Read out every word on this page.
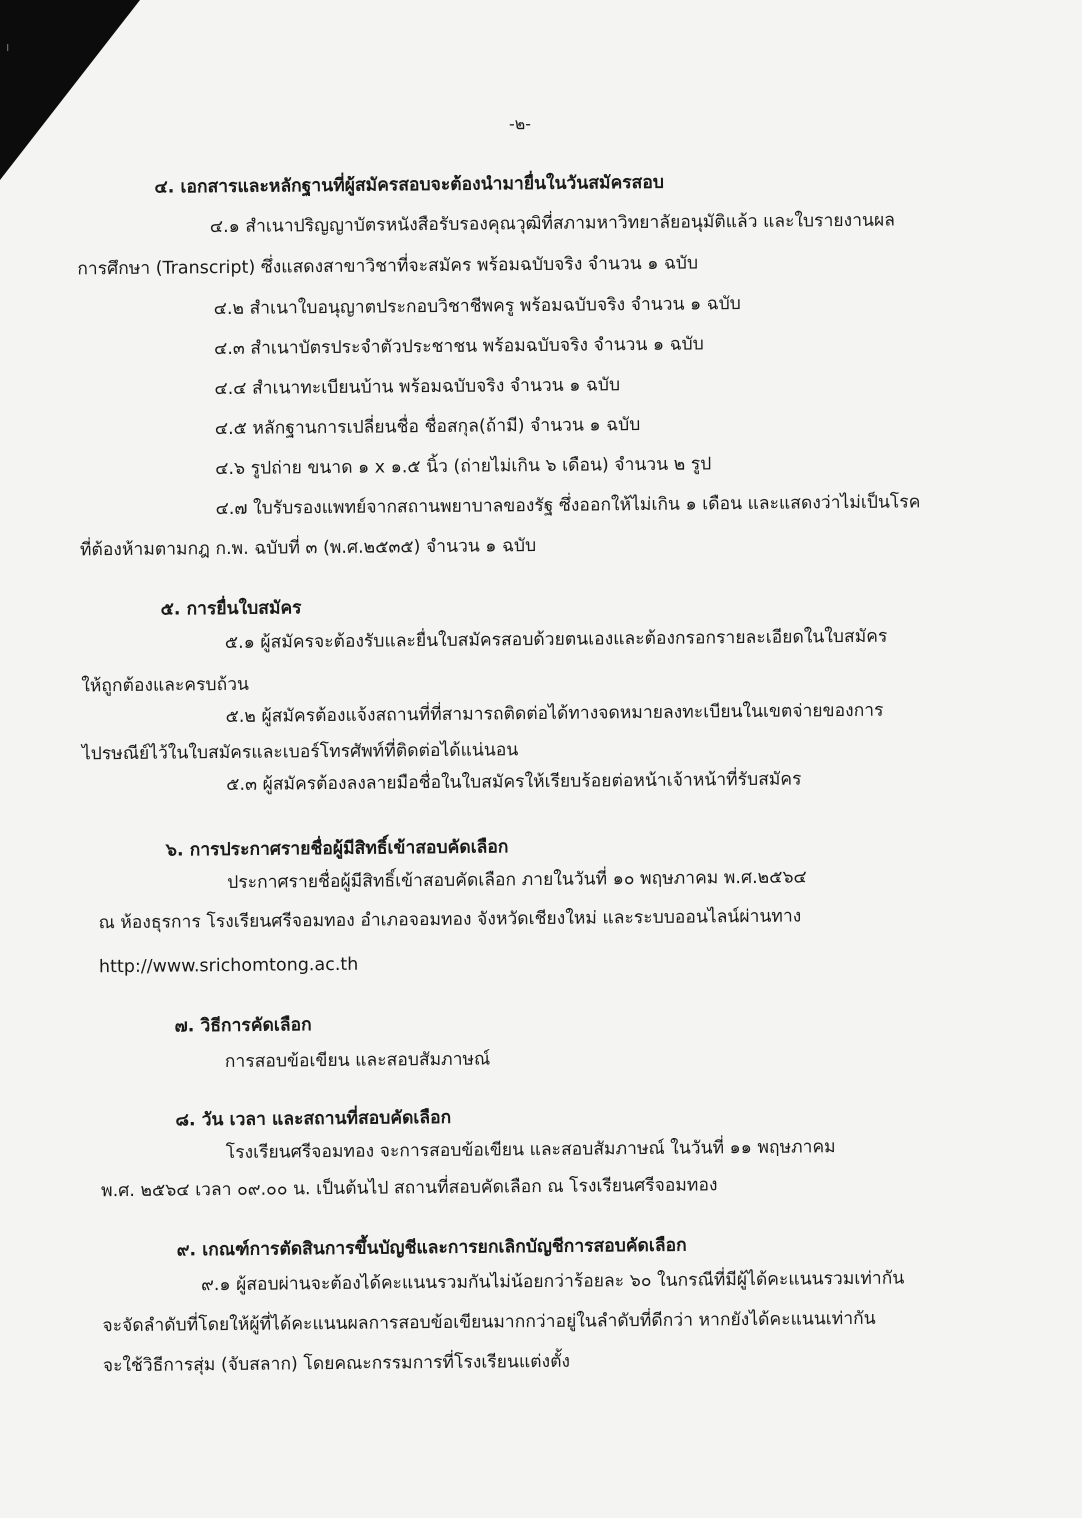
ı
-๒-
๔. เอกสารและหลักฐานที่ผู้สมัครสอบจะต้องนำมายื่นในวันสมัครสอบ
๔.๑ สำเนาปริญญาบัตรหนังสือรับรองคุณวุฒิที่สภามหาวิทยาลัยอนุมัติแล้ว และใบรายงานผล
การศึกษา (Transcript) ซึ่งแสดงสาขาวิชาที่จะสมัคร พร้อมฉบับจริง จำนวน ๑ ฉบับ
๔.๒ สำเนาใบอนุญาตประกอบวิชาชีพครู พร้อมฉบับจริง จำนวน ๑ ฉบับ
๔.๓ สำเนาบัตรประจำตัวประชาชน พร้อมฉบับจริง จำนวน ๑ ฉบับ
๔.๔ สำเนาทะเบียนบ้าน พร้อมฉบับจริง จำนวน ๑ ฉบับ
๔.๕ หลักฐานการเปลี่ยนชื่อ ชื่อสกุล(ถ้ามี) จำนวน ๑ ฉบับ
๔.๖ รูปถ่าย ขนาด ๑ x ๑.๕ นิ้ว (ถ่ายไม่เกิน ๖ เดือน) จำนวน ๒ รูป
๔.๗ ใบรับรองแพทย์จากสถานพยาบาลของรัฐ ซึ่งออกให้ไม่เกิน ๑ เดือน และแสดงว่าไม่เป็นโรค
ที่ต้องห้ามตามกฎ ก.พ. ฉบับที่ ๓ (พ.ศ.๒๕๓๕) จำนวน ๑ ฉบับ
๕. การยื่นใบสมัคร
๕.๑ ผู้สมัครจะต้องรับและยื่นใบสมัครสอบด้วยตนเองและต้องกรอกรายละเอียดในใบสมัคร
ให้ถูกต้องและครบถ้วน
๕.๒ ผู้สมัครต้องแจ้งสถานที่ที่สามารถติดต่อได้ทางจดหมายลงทะเบียนในเขตจ่ายของการ
ไปรษณีย์ไว้ในใบสมัครและเบอร์โทรศัพท์ที่ติดต่อได้แน่นอน
๕.๓ ผู้สมัครต้องลงลายมือชื่อในใบสมัครให้เรียบร้อยต่อหน้าเจ้าหน้าที่รับสมัคร
๖. การประกาศรายชื่อผู้มีสิทธิ์เข้าสอบคัดเลือก
ประกาศรายชื่อผู้มีสิทธิ์เข้าสอบคัดเลือก ภายในวันที่ ๑๐ พฤษภาคม พ.ศ.๒๕๖๔
ณ ห้องธุรการ โรงเรียนศรีจอมทอง อำเภอจอมทอง จังหวัดเชียงใหม่ และระบบออนไลน์ผ่านทาง
http://www.srichomtong.ac.th
๗. วิธีการคัดเลือก
การสอบข้อเขียน และสอบสัมภาษณ์
๘. วัน เวลา และสถานที่สอบคัดเลือก
โรงเรียนศรีจอมทอง จะการสอบข้อเขียน และสอบสัมภาษณ์ ในวันที่ ๑๑ พฤษภาคม
พ.ศ. ๒๕๖๔ เวลา ๐๙.๐๐ น. เป็นต้นไป สถานที่สอบคัดเลือก ณ โรงเรียนศรีจอมทอง
๙. เกณฑ์การตัดสินการขึ้นบัญชีและการยกเลิกบัญชีการสอบคัดเลือก
๙.๑ ผู้สอบผ่านจะต้องได้คะแนนรวมกันไม่น้อยกว่าร้อยละ ๖๐ ในกรณีที่มีผู้ได้คะแนนรวมเท่ากัน
จะจัดลำดับที่โดยให้ผู้ที่ได้คะแนนผลการสอบข้อเขียนมากกว่าอยู่ในลำดับที่ดีกว่า หากยังได้คะแนนเท่ากัน
จะใช้วิธีการสุ่ม (จับสลาก) โดยคณะกรรมการที่โรงเรียนแต่งตั้ง
